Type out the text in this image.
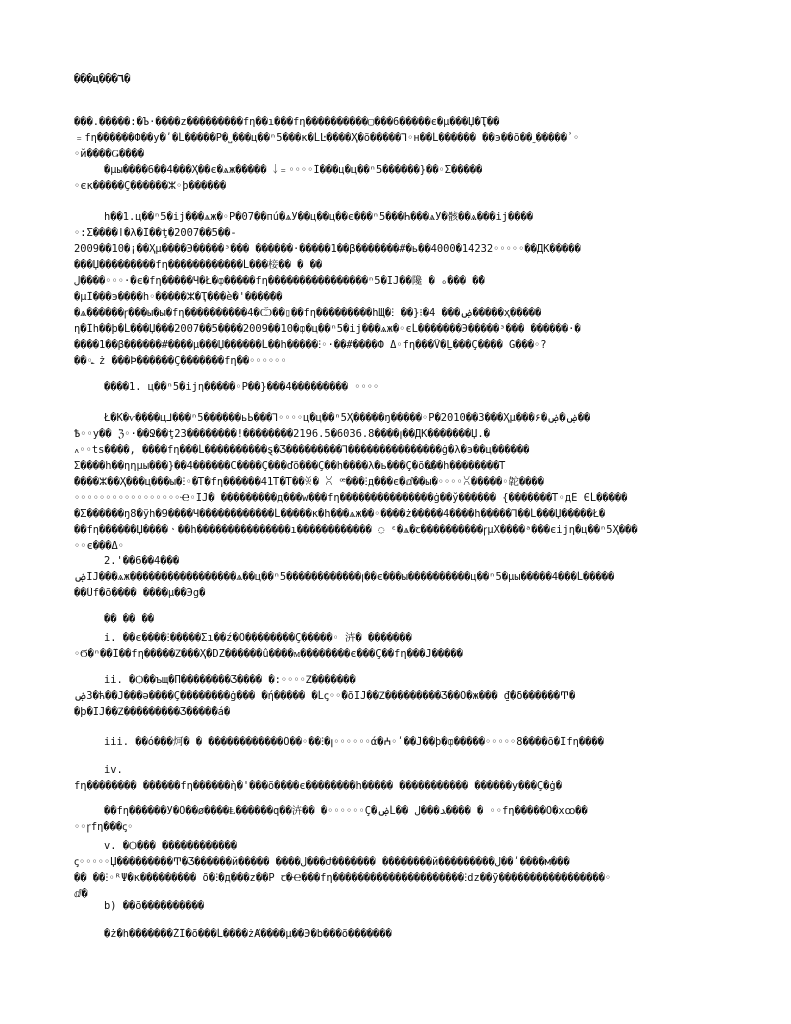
���ц���٦�

���.�����:�Ъ·����z���������fη��ı���fη����������▢���6�����є�μ���Џ�Ҭ��

﹦fη������Ф��у�ʹ�Ĺ�����Р�˽���ц��ⁿ5���к�ĹĿ����Ҳ�õ�����Ꞁ◦н��Ĺ������ ��э��õ��˷�����ⸯ◦

◦й����Ǥ����

�μы����6��4���Ҳ��є�ѧж����� ￬﹦◦◦◦◦Ї���ц�ц��ⁿ5������}��◦Σ�����

◦єк�����Ç������ⵣ◦þ������

h��1.ц��ⁿ5�ij���ѧж�◦Р�07��пú�ѧУ��ц��ц��є���ⁿ5���Һ���ѧУ�骸��ѧ���ij����

◦꞉Σ����ǀ�λ�Ї��ţ�2007��5��-

2009��10�¡��Ҳμ����Э�����ᶟ��� ������·�����1��β�������#�ь��4000�14232◦◦◦◦◦��ДК�����

���Џ���������fη������������Ĺ���椄�� � ��

ل����◦◦◦·�є�fη�����Ч�Ł�ȹ�����fη����������������ⁿ5�ІЈ��䧯 � ₒ��� ��ُ

�μЇ���э����h◦�����ⵣ�Ҭ���ѐ�ꞌ����̈��

�ѧ������ꞅ���ы�ы�fη����������4�Ѽ��▯��fη���������hЩ�ⵗ ��}⁝�4 ���ۻ�����ҳ�����

η�Їh��þ�Ĺ���Џ���2007��5����2009��10�ȹ�ц��ⁿ5�ij���ѧж�◦єĹ�������Э�����ᶟ��� ������·�

����1��β������#����μ���Џ������Ĺ��h�����ⵗ◦·��#����Ф Δ◦fη���Ṽ�Ḻ���Ç���� Ǵ���◦?

��◦꜡ ż ���Ϸ������Ç�������fη��◦◦◦◦◦◦

����1. ц��ⁿ5�ijη�����◦Р��}���4��������� ◦◦◦◦

Ł�К�ѵ����ц⅃���ⁿ5������ьЬ���Ꞁ◦◦◦◦ц�ц��ⁿ5Ҳ�����ŋ�����◦Р�2010��3���Ҳμ���۶�ۻ�ۻ��

Ѣ◦◦у�� ℨ◦·��Ջ��ţ23��������!��������2196.5�6036.8����ꞁ��ДК�������Џ.�

꘍◦◦ts����, ����fη���Ĺ����������ȿ�Ӡ���������Ꞁ���������������ġ�λ�э��ц������

Σ����h��ηημы���}��4������С����Ç���ďõ���Ç��h����λ�ь���Ç�õ�̈꜡��h��������Ꭲ

̃����ⵣ��Ҳ���ц���ы�ⵗ◦�Ꭲ�fη������41Ꭲ�Ꭲ��ꌞ� ꇤ ꟹ���ⵗд���є�ⅆ��ы�◦◦◦◦ꇤ�����◦䪑����

◦◦◦◦◦◦◦◦◦◦◦◦◦◦◦◦◦Ҽ◦IJ� ���������д���w���fη���������������ġ��ў������ {�������Ꭲ◦дЁ ЄĹ�����

�Σ������ŋ8�ÿh�9����Ч������������Ĺ�����к�h���ѧж��◦����ż�����4����h�����Ꞁ��Ĺ���Џ�����Ł�

��fη������Џ����ㆍ��h���������������ı������������ ◌ ᵋ�ѧ�ꞇ����������ꞅμХ����ᵃ���єijη�ц��ⁿ5Ҳ���

◦◦є���Δ◦

2.ꞌ��6��4���

ۻIJ���ѧж�����������������ѧ��ц��ⁿ5������������ꞁ��є���ы����������ц��ⁿ5�μы�����4���Ĺ�����

��Ûf�õ���� ����μ��Эg�

�� �� ��

i. ��є����ⵗ�����Σı��ź�Ô��������Ç�����◦ 泋� �������

◦Ϭ�ⁿ��Ї��fη�����Ⴭ���Ҳ�DZ������û����ᴍ��������є���Ç��fη���Ϳ�����

ii. �Ѻ��ъщ�Π��������Ӡ���� �꞉◦◦◦◦Ⴭ�������

ۻЗ�ћ��J���ə����Ç��������ġ��� �ή����� �Ĺꞔ◦◦̃�õIJ��Ⴭ���������Ӡ��Ö�ж��� ₫̇�δ������Ͳ�

�þ�IJ��Ⴭ���������Ӡ����̃�á�

iii. ��ó���炣� � ������������Ö��◦��ⵗ�ꞁ◦◦◦◦◦◦ά�ⵄ◦ʹ��Ĵ��þ�ȹ�����◦◦◦◦◦8����õ�Їfη����

iv.

fη�������� ��̇����fη������ὴ�ꞌ���õ����є��������h����� ����������� ������у���Ç�ġ�

��fη������У�Ö��ø����Ⱡ������q��泋�� �◦◦◦◦◦◦Ç�ۻĹ�� ﺪ���ل���� � ◦◦fη�����Ö�хꚙ��

◦◦ꞅfη���ꞔ◦

v. �Ѻ��� ������������

ꞔ◦◦◦◦◦Џ���������Ͳ�Ӡ������й����� ����ل���ժ������� ��������й���������ل��ʹ����м���

�� ��ⵗ◦ᴿΨ�к��������� õ�ⵗ�д���z��Р ꞇ�Ҽ���fη���������������������ⵗdz��ỹ�����������������◦

ⅆ�

b) ��õ����������

�ż�h�������ŽЇ�õ���Ĺ����żȺ����μ��Э�b���õ�������
